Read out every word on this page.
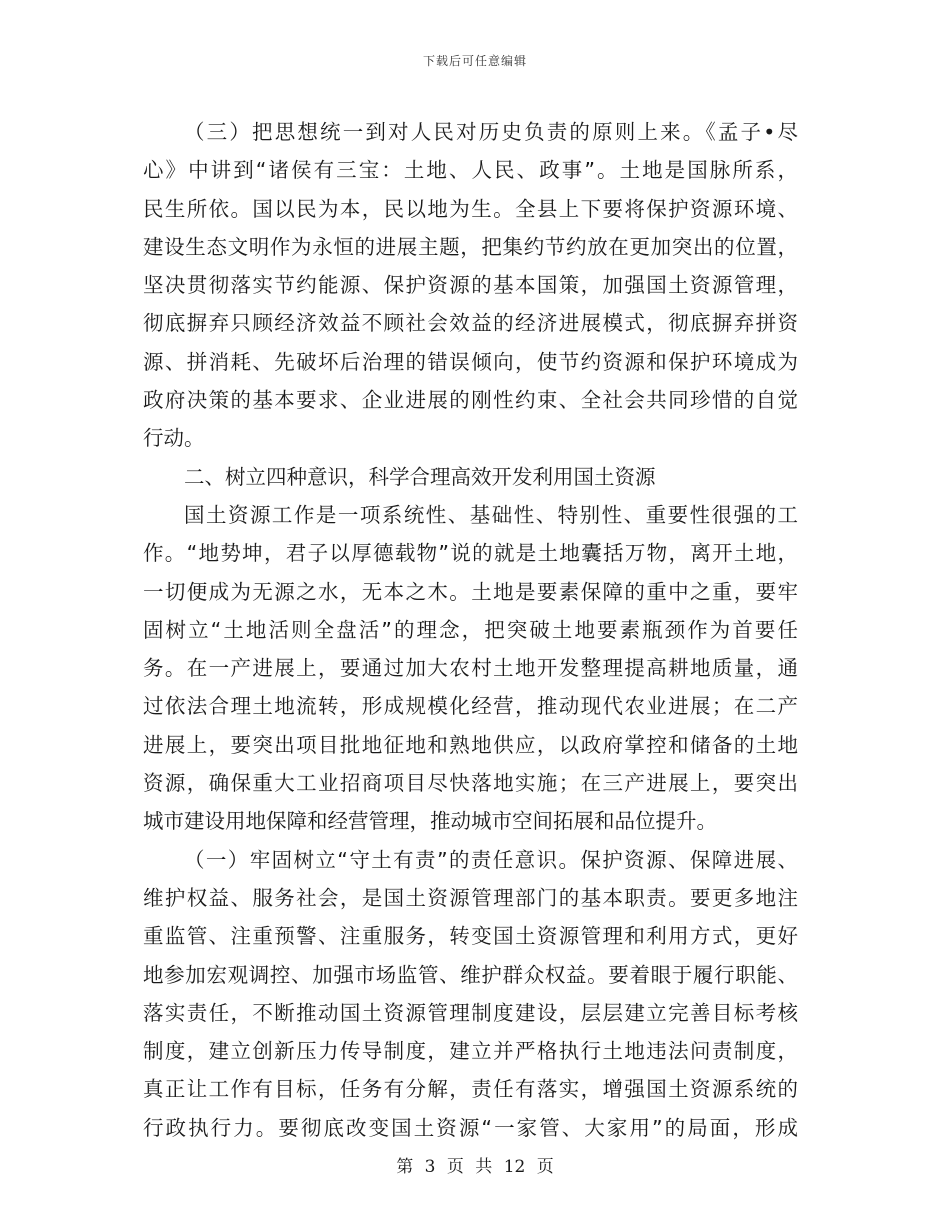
下载后可任意编辑
（三）把思想统一到对人民对历史负责的原则上来。《孟子•尽
心》中讲到“诸侯有三宝：土地、人民、政事”。土地是国脉所系，
民生所依。国以民为本，民以地为生。全县上下要将保护资源环境、
建设生态文明作为永恒的进展主题，把集约节约放在更加突出的位置，
坚决贯彻落实节约能源、保护资源的基本国策，加强国土资源管理，
彻底摒弃只顾经济效益不顾社会效益的经济进展模式，彻底摒弃拼资
源、拼消耗、先破坏后治理的错误倾向，使节约资源和保护环境成为
政府决策的基本要求、企业进展的刚性约束、全社会共同珍惜的自觉
行动。
二、树立四种意识，科学合理高效开发利用国土资源
国土资源工作是一项系统性、基础性、特别性、重要性很强的工
作。“地势坤，君子以厚德载物”说的就是土地囊括万物，离开土地，
一切便成为无源之水，无本之木。土地是要素保障的重中之重，要牢
固树立“土地活则全盘活”的理念，把突破土地要素瓶颈作为首要任
务。在一产进展上，要通过加大农村土地开发整理提高耕地质量，通
过依法合理土地流转，形成规模化经营，推动现代农业进展；在二产
进展上，要突出项目批地征地和熟地供应，以政府掌控和储备的土地
资源，确保重大工业招商项目尽快落地实施；在三产进展上，要突出
城市建设用地保障和经营管理，推动城市空间拓展和品位提升。
（一）牢固树立“守土有责”的责任意识。保护资源、保障进展、
维护权益、服务社会，是国土资源管理部门的基本职责。要更多地注
重监管、注重预警、注重服务，转变国土资源管理和利用方式，更好
地参加宏观调控、加强市场监管、维护群众权益。要着眼于履行职能、
落实责任，不断推动国土资源管理制度建设，层层建立完善目标考核
制度，建立创新压力传导制度，建立并严格执行土地违法问责制度，
真正让工作有目标，任务有分解，责任有落实，增强国土资源系统的
行政执行力。要彻底改变国土资源“一家管、大家用”的局面，形成
第 3 页 共 12 页
